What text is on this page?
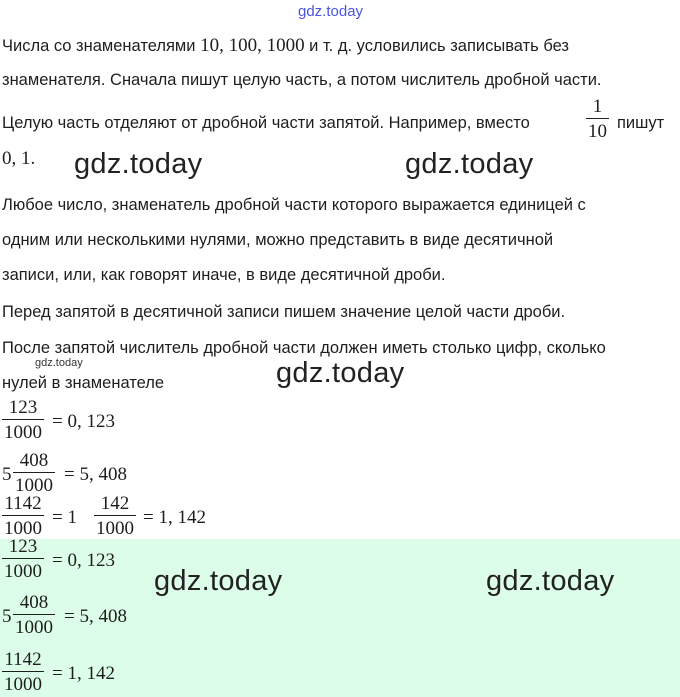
gdz.today
Числа со знаменателями 10, 100, 1000 и т. д. условились записывать без
знаменателя. Сначала пишут целую часть, а потом числитель дробной части.
Целую часть отделяют от дробной части запятой. Например, вместо	$\frac{1}{10}$ пишут
0, 1. gdz.today	gdz.today
Любое число, знаменатель дробной части которого выражается единицей с
одним или несколькими нулями, можно представить в виде десятичной
записи, или, как говорят иначе, в виде десятичной дроби.
Перед запятой в десятичной записи пишем значение целой части дроби.
После запятой числитель дробной части должен иметь столько цифр, сколько
нулей в знаменателе
gdz.today	gdz.today
$\frac{123}{1000} = 0$, 123
$5 \frac{408}{1000} = 5$, 408
$\frac{1142}{1000} = 1 \frac{142}{1000} = 1$, 142
$\frac{123}{1000} = 0$, 123
gdz.today	gdz.today
$5 \frac{408}{1000} = 5$, 408
$\frac{1142}{1000} = 1$, 142
